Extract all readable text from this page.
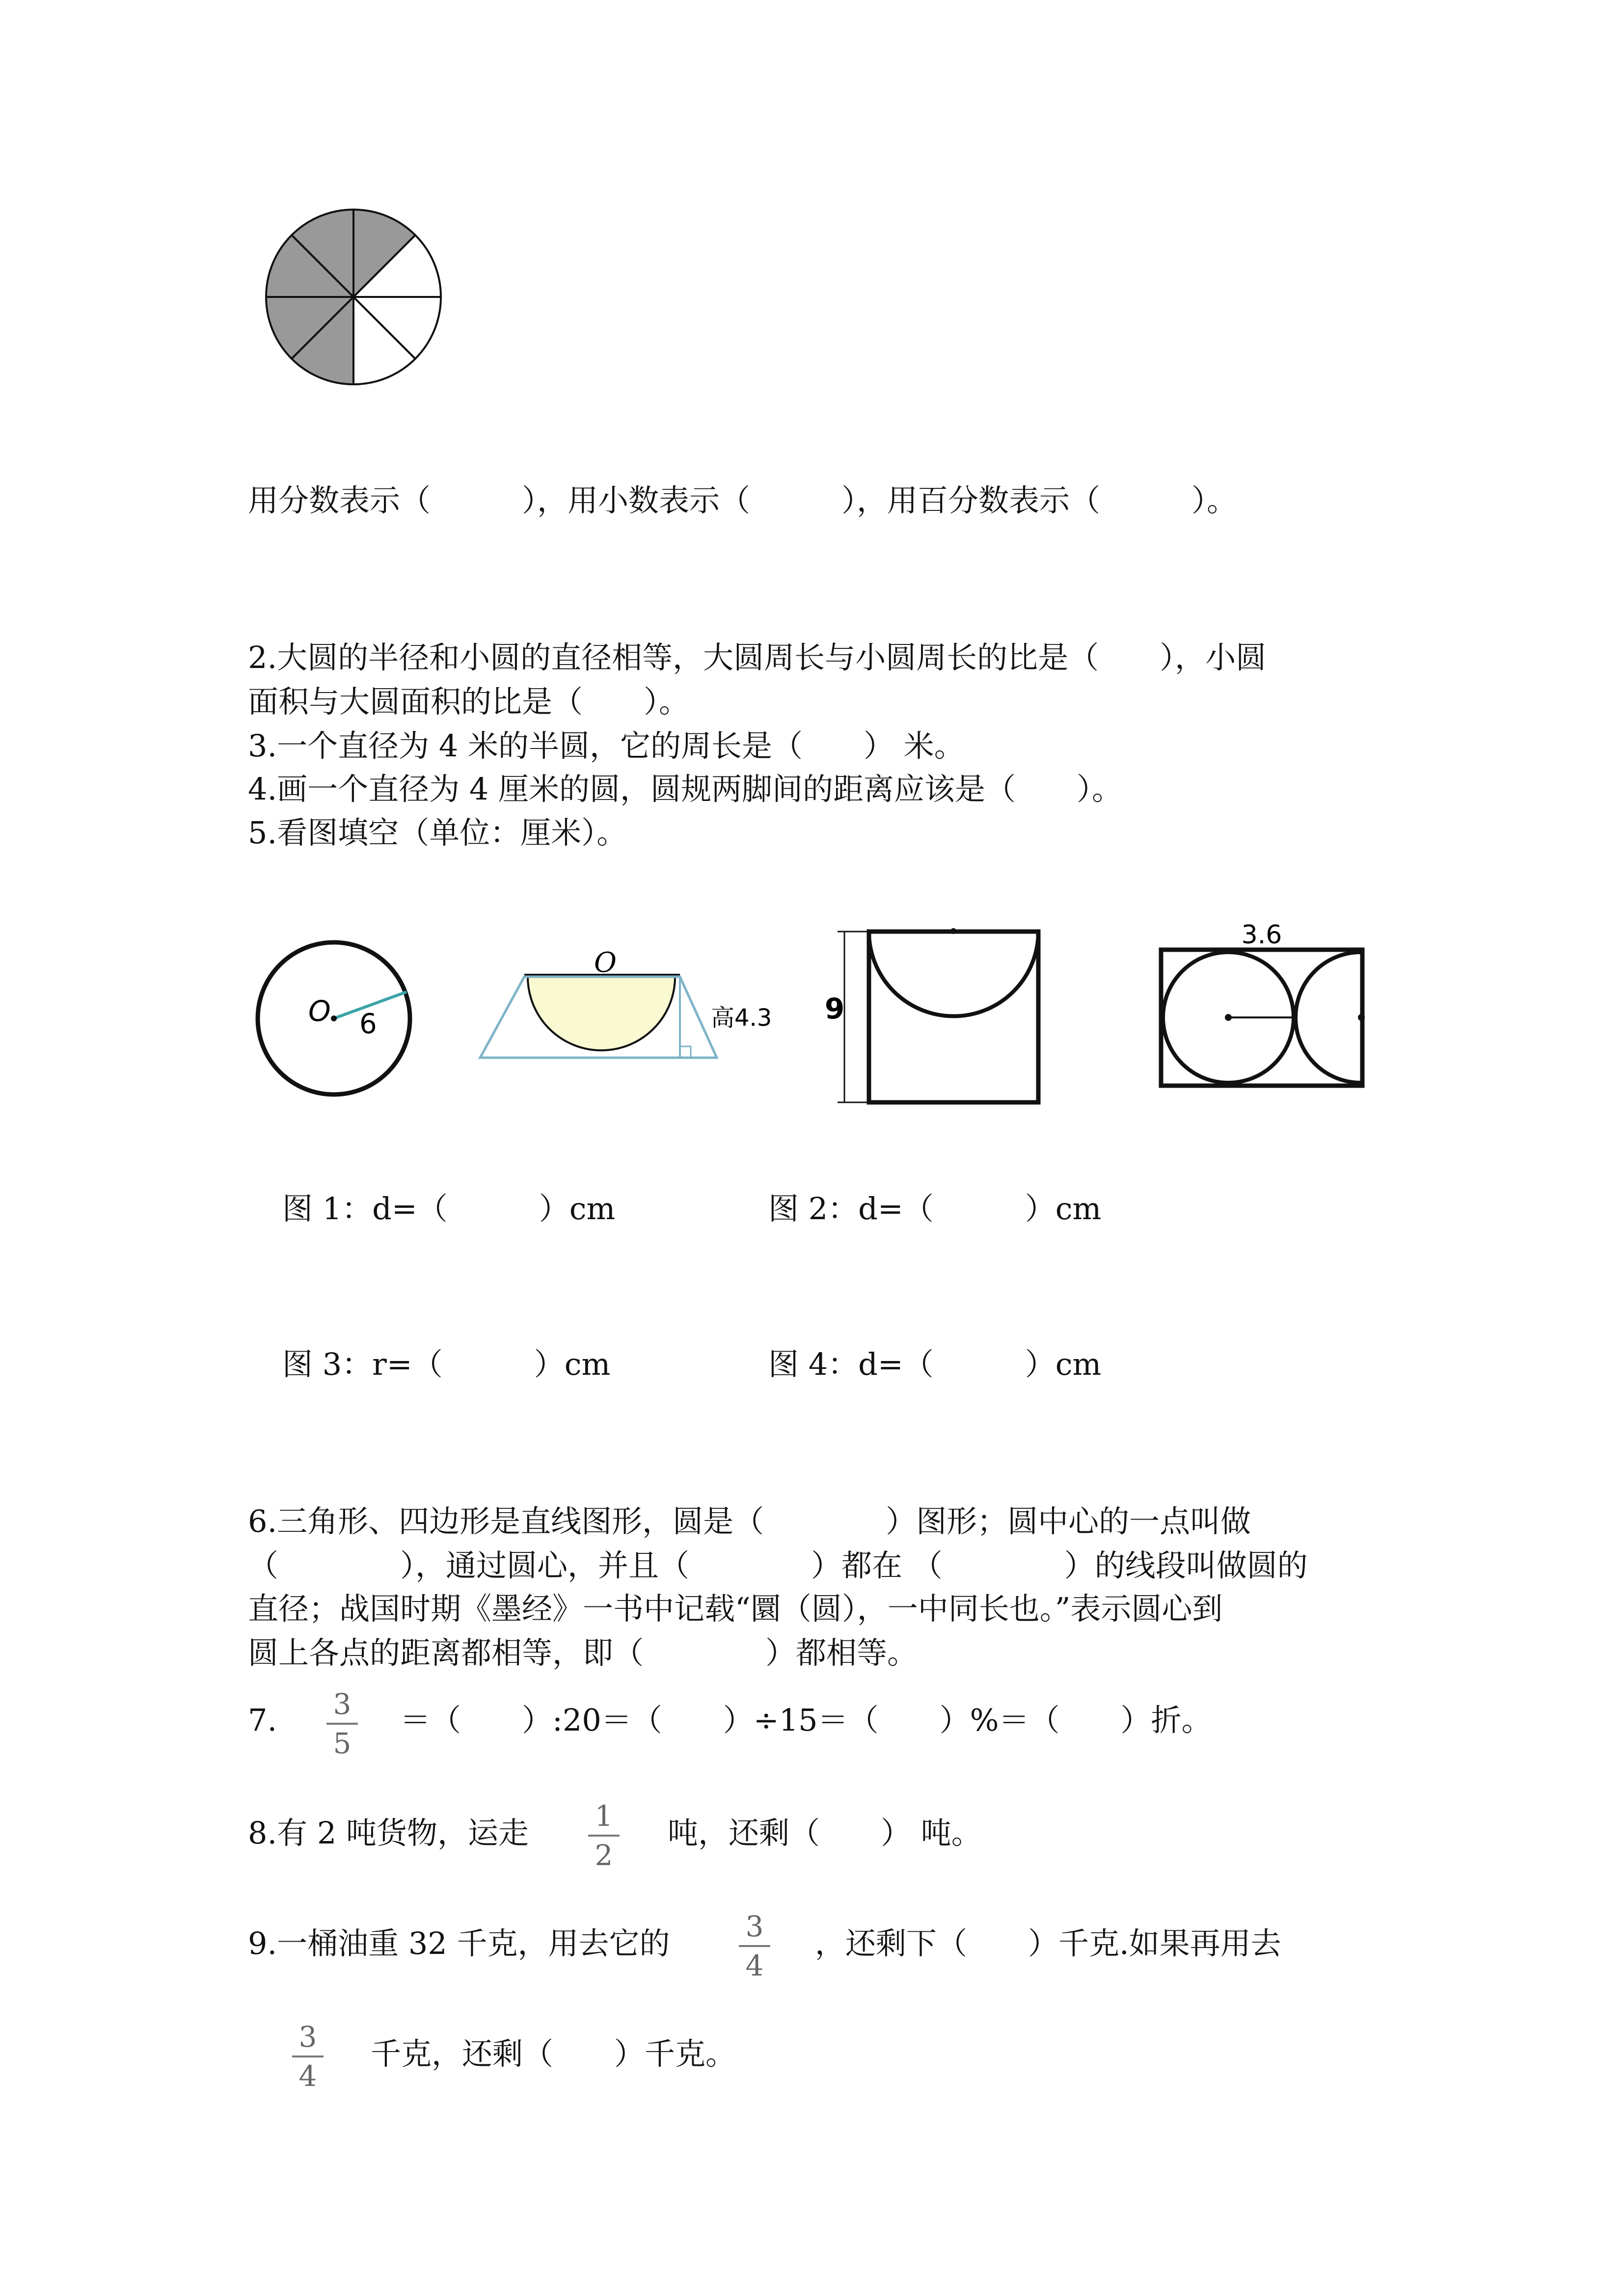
用分数表示（　　　），用小数表示（　　　），用百分数表示（　　　）。

2.大圆的半径和小圆的直径相等，大圆周长与小圆周长的比是（　　），小圆

面积与大圆面积的比是（　　）。

3.一个直径为 4 米的半圆，它的周长是（　　） 米。

4.画一个直径为 4 厘米的圆，圆规两脚间的距离应该是（　　）。

5.看图填空（单位：厘米）。

O 6
O
高4.3 9
3.6
图 1：d=（　　　）cm	图 2：d=（　　　）cm
图 3：r=（　　　）cm	图 4：d=（　　　）cm

6.三角形、四边形是直线图形，圆是（　　　　）图形；圆中心的一点叫做

（　　　　），通过圆心，并且（　　　　）都在 （　　　　）的线段叫做圆的

直径；战国时期《墨经》一书中记载“圜（圆），一中同长也。”表示圆心到

圆上各点的距离都相等，即（　　　　）都相等。

7.	3
5
＝（　　）:20＝（　　）÷15＝（　　）%＝（　　）折。
8.有 2 吨货物，运走	1
2
吨，还剩（　　） 吨。
9.一桶油重 32 千克，用去它的	3
4
，还剩下（　　）千克.如果再用去
3
4
千克，还剩（　　）千克。
